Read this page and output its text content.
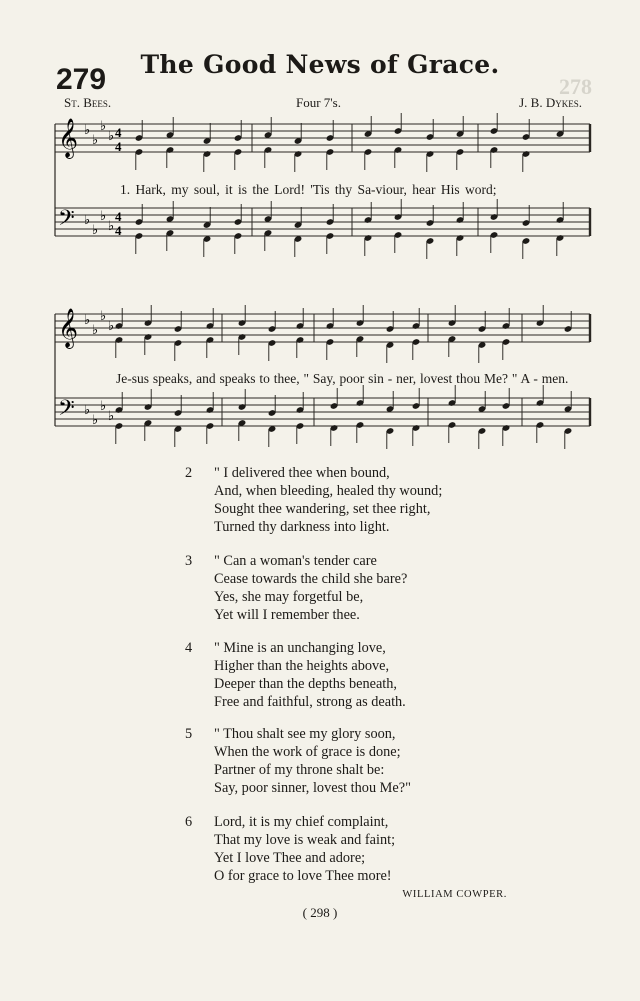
278
The Good News of Grace.
279
St. Bees.	Four 7's.	J. B. Dykes.
𝄞
𝄢
♭
♭
♭
♭
♭
♭
♭
♭
4
4
4
4
𝄞
𝄢
♭
♭
♭
♭
♭
♭
♭
♭
1. Hark, my soul, it is the Lord! 'Tis thy Sa-viour, hear His word;
Je-sus speaks, and speaks to thee, " Say, poor sin - ner, lovest thou Me? " A - men.
2	" I delivered thee when bound,
And, when bleeding, healed thy wound;
Sought thee wandering, set thee right,
Turned thy darkness into light.
3	" Can a woman's tender care
Cease towards the child she bare?
Yes, she may forgetful be,
Yet will I remember thee.
4	" Mine is an unchanging love,
Higher than the heights above,
Deeper than the depths beneath,
Free and faithful, strong as death.
5	" Thou shalt see my glory soon,
When the work of grace is done;
Partner of my throne shalt be:
Say, poor sinner, lovest thou Me?"
6	Lord, it is my chief complaint,
That my love is weak and faint;
Yet I love Thee and adore;
O for grace to love Thee more!
WILLIAM COWPER.
( 298 )
